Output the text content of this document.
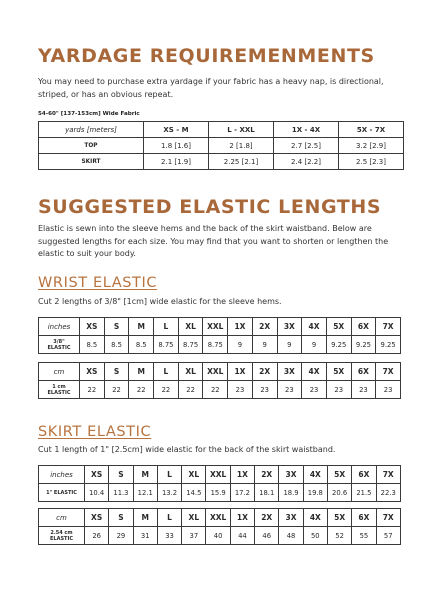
YARDAGE REQUIREMENMENTS
You may need to purchase extra yardage if your fabric has a heavy nap, is directional, striped, or has an obvious repeat.
54-60" [137-153cm] Wide Fabric
yards [meters]	XS - M	L - XXL	1X - 4X	5X - 7X
TOP	1.8 [1.6]	2 [1.8]	2.7 [2.5]	3.2 [2.9]
SKIRT	2.1 [1.9]	2.25 [2.1]	2.4 [2.2]	2.5 [2.3]
SUGGESTED ELASTIC LENGTHS
Elastic is sewn into the sleeve hems and the back of the skirt waistband. Below are suggested lengths for each size. You may find that you want to shorten or lengthen the elastic to suit your body.
WRIST ELASTIC
Cut 2 lengths of 3/8" [1cm] wide elastic for the sleeve hems.
inches	XS	S	M	L	XL	XXL	1X	2X	3X	4X	5X	6X	7X

3/8"
ELASTIC	8.5	8.5	8.5	8.75	8.75	8.75	9	9	9	9	9.25	9.25	9.25
cm	XS	S	M	L	XL	XXL	1X	2X	3X	4X	5X	6X	7X

1 cm
ELASTIC	22	22	22	22	22	22	23	23	23	23	23	23	23
SKIRT ELASTIC
Cut 1 length of 1" [2.5cm] wide elastic for the back of the skirt waistband.
inches	XS	S	M	L	XL	XXL	1X	2X	3X	4X	5X	6X	7X

1" ELASTIC	10.4	11.3	12.1	13.2	14.5	15.9	17.2	18.1	18.9	19.8	20.6	21.5	22.3
cm	XS	S	M	L	XL	XXL	1X	2X	3X	4X	5X	6X	7X

2.54 cm
ELASTIC	26	29	31	33	37	40	44	46	48	50	52	55	57
